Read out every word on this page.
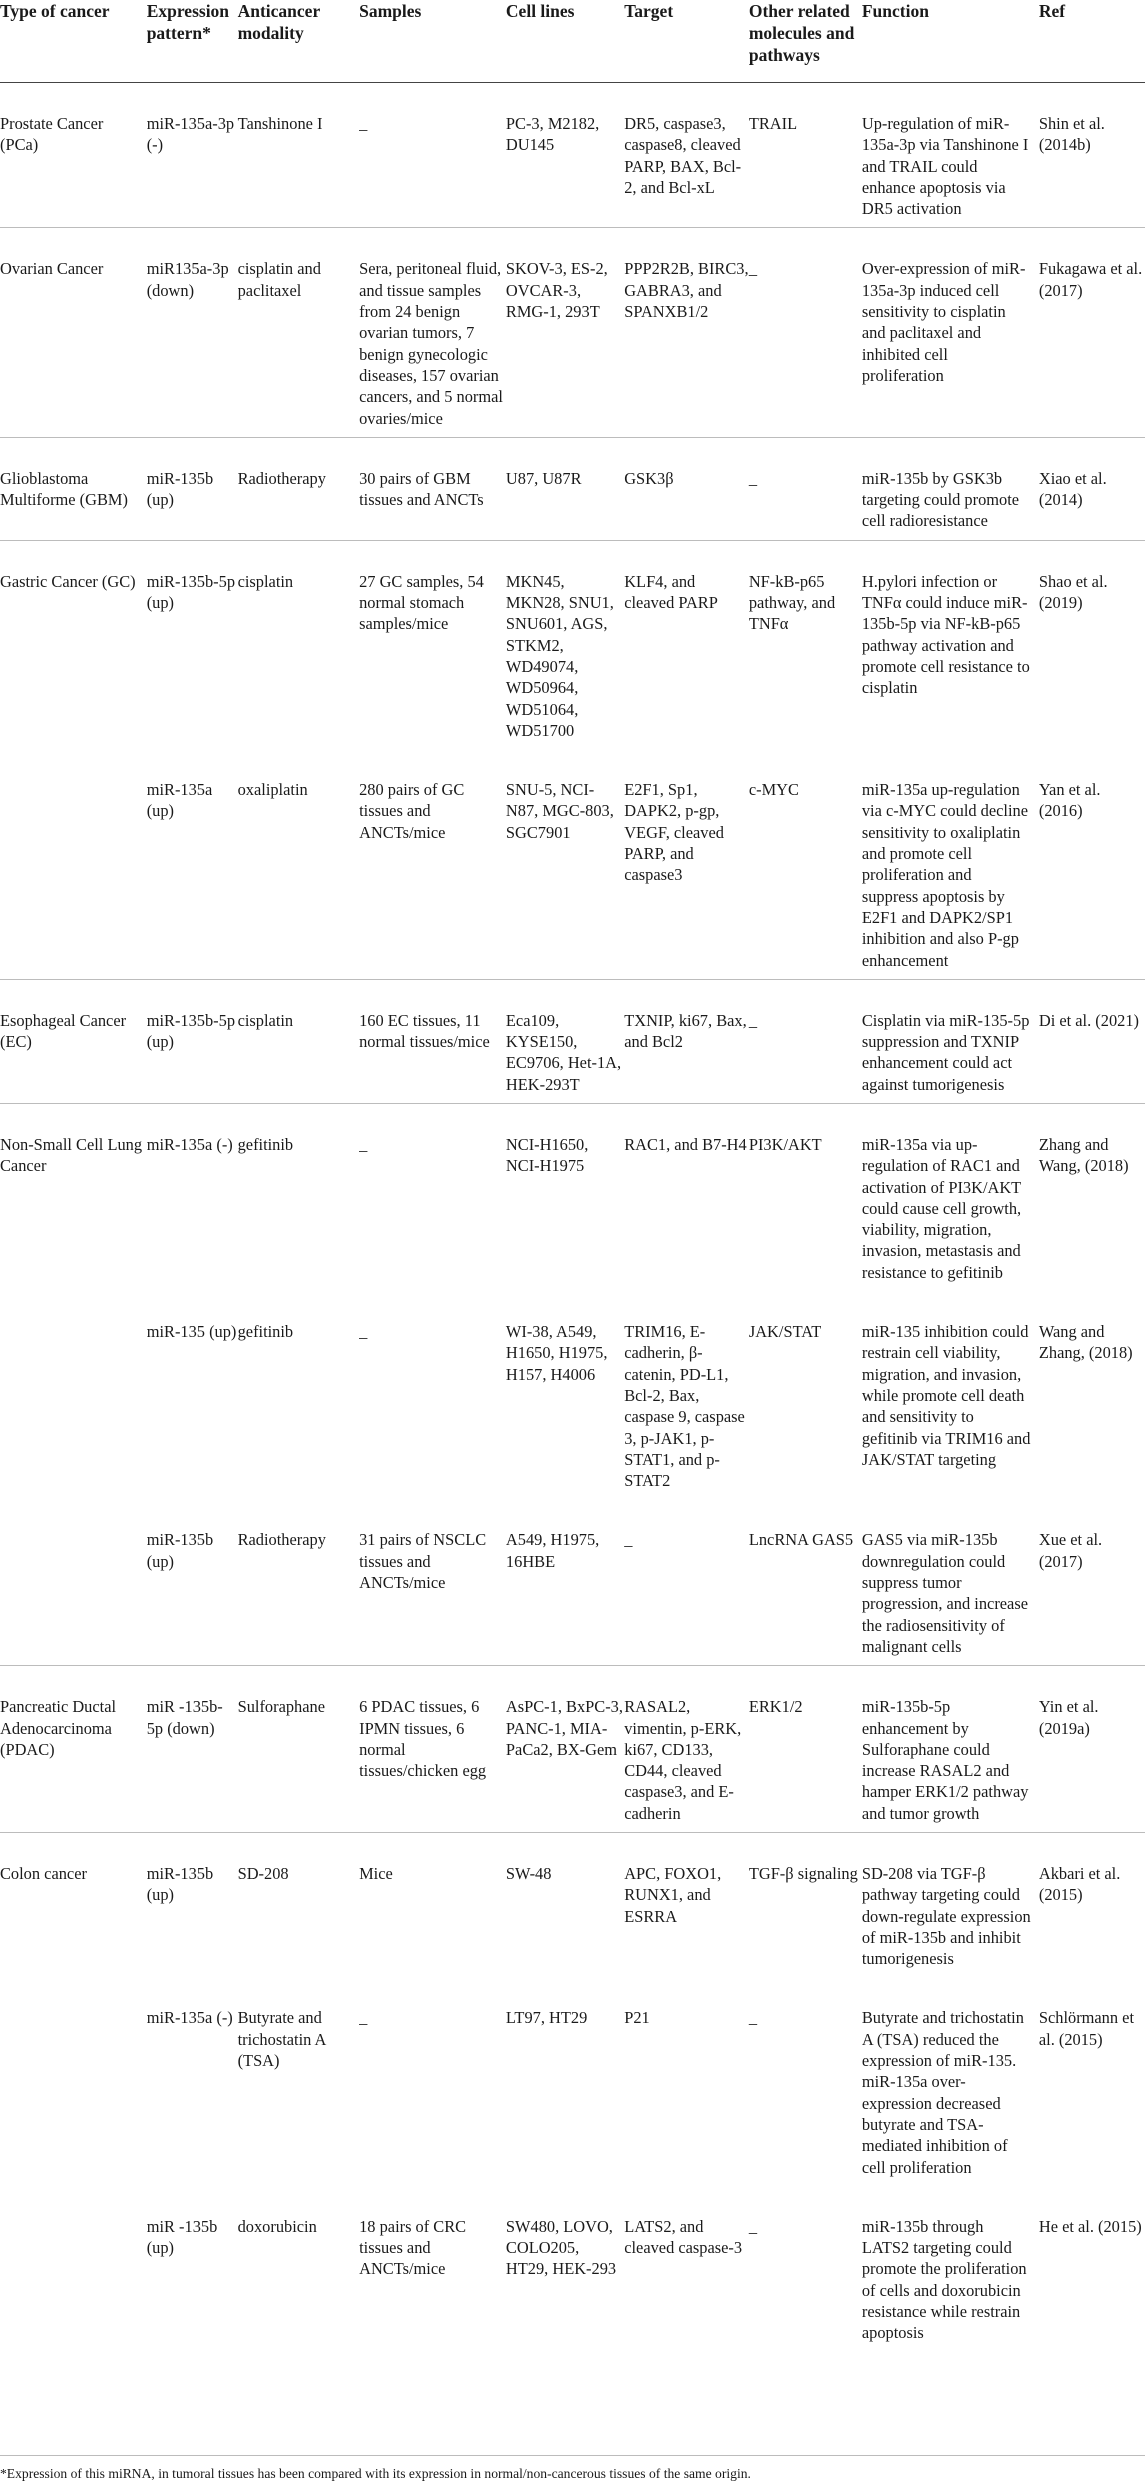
Type of cancer	Expression pattern*	Anticancer modality	Samples	Cell lines	Target	Other related molecules and pathways	Function	Ref
Prostate Cancer (PCa)	miR-135a-3p (-)	Tanshinone I	_	PC-3, M2182, DU145	DR5, caspase3, caspase8, cleaved PARP, BAX, Bcl-2, and Bcl-xL	TRAIL	Up-regulation of miR-135a-3p via Tanshinone I and TRAIL could enhance apoptosis via DR5 activation	Shin et al. (2014b)
Ovarian Cancer	miR135a-3p (down)	cisplatin and paclitaxel	Sera, peritoneal fluid, and tissue samples from 24 benign ovarian tumors, 7 benign gynecologic diseases, 157 ovarian cancers, and 5 normal ovaries/mice	SKOV-3, ES-2, OVCAR-3, RMG-1, 293T	PPP2R2B, BIRC3, GABRA3, and SPANXB1/2	_	Over-expression of miR-135a-3p induced cell sensitivity to cisplatin and paclitaxel and inhibited cell proliferation	Fukagawa et al. (2017)
Glioblastoma Multiforme (GBM)	miR-135b (up)	Radiotherapy	30 pairs of GBM tissues and ANCTs	U87, U87R	GSK3β	_	miR-135b by GSK3b targeting could promote cell radioresistance	Xiao et al. (2014)
Gastric Cancer (GC)	miR-135b-5p (up)	cisplatin	27 GC samples, 54 normal stomach samples/mice	MKN45, MKN28, SNU1, SNU601, AGS, STKM2, WD49074, WD50964, WD51064, WD51700	KLF4, and cleaved PARP	NF-kB-p65 pathway, and TNFα	H.pylori infection or TNFα could induce miR-135b-5p via NF-kB-p65 pathway activation and promote cell resistance to cisplatin	Shao et al. (2019)
	miR-135a (up)	oxaliplatin	280 pairs of GC tissues and ANCTs/mice	SNU-5, NCI-N87, MGC-803, SGC7901	E2F1, Sp1, DAPK2, p-gp, VEGF, cleaved PARP, and caspase3	c-MYC	miR-135a up-regulation via c-MYC could decline sensitivity to oxaliplatin and promote cell proliferation and suppress apoptosis by E2F1 and DAPK2/SP1 inhibition and also P-gp enhancement	Yan et al. (2016)
Esophageal Cancer (EC)	miR-135b-5p (up)	cisplatin	160 EC tissues, 11 normal tissues/mice	Eca109, KYSE150, EC9706, Het-1A, HEK-293T	TXNIP, ki67, Bax, and Bcl2	_	Cisplatin via miR-135-5p suppression and TXNIP enhancement could act against tumorigenesis	Di et al. (2021)
Non-Small Cell Lung Cancer	miR-135a (-)	gefitinib	_	NCI-H1650, NCI-H1975	RAC1, and B7-H4	PI3K/AKT	miR-135a via up-regulation of RAC1 and activation of PI3K/AKT could cause cell growth, viability, migration, invasion, metastasis and resistance to gefitinib	Zhang and Wang, (2018)
	miR-135 (up)	gefitinib	_	WI-38, A549, H1650, H1975, H157, H4006	TRIM16, E-cadherin, β-catenin, PD-L1, Bcl-2, Bax, caspase 9, caspase 3, p-JAK1, p-STAT1, and p-STAT2	JAK/STAT	miR-135 inhibition could restrain cell viability, migration, and invasion, while promote cell death and sensitivity to gefitinib via TRIM16 and JAK/STAT targeting	Wang and Zhang, (2018)
	miR-135b (up)	Radiotherapy	31 pairs of NSCLC tissues and ANCTs/mice	A549, H1975, 16HBE	_	LncRNA GAS5	GAS5 via miR-135b downregulation could suppress tumor progression, and increase the radiosensitivity of malignant cells	Xue et al. (2017)
Pancreatic Ductal Adenocarcinoma (PDAC)	miR -135b-5p (down)	Sulforaphane	6 PDAC tissues, 6 IPMN tissues, 6 normal tissues/chicken egg	AsPC-1, BxPC-3, PANC-1, MIA-PaCa2, BX-Gem	RASAL2, vimentin, p-ERK, ki67, CD133, CD44, cleaved caspase3, and E-cadherin	ERK1/2	miR-135b-5p enhancement by Sulforaphane could increase RASAL2 and hamper ERK1/2 pathway and tumor growth	Yin et al. (2019a)
Colon cancer	miR-135b (up)	SD-208	Mice	SW-48	APC, FOXO1, RUNX1, and ESRRA	TGF-β signaling	SD-208 via TGF-β pathway targeting could down-regulate expression of miR-135b and inhibit tumorigenesis	Akbari et al. (2015)
	miR-135a (-)	Butyrate and trichostatin A (TSA)	_	LT97, HT29	P21	_	Butyrate and trichostatin A (TSA) reduced the expression of miR-135. miR-135a over-expression decreased butyrate and TSA-mediated inhibition of cell proliferation	Schlörmann et al. (2015)
	miR -135b (up)	doxorubicin	18 pairs of CRC tissues and ANCTs/mice	SW480, LOVO, COLO205, HT29, HEK-293	LATS2, and cleaved caspase-3	_	miR-135b through LATS2 targeting could promote the proliferation of cells and doxorubicin resistance while restrain apoptosis	He et al. (2015)
*Expression of this miRNA, in tumoral tissues has been compared with its expression in normal/non-cancerous tissues of the same origin.
